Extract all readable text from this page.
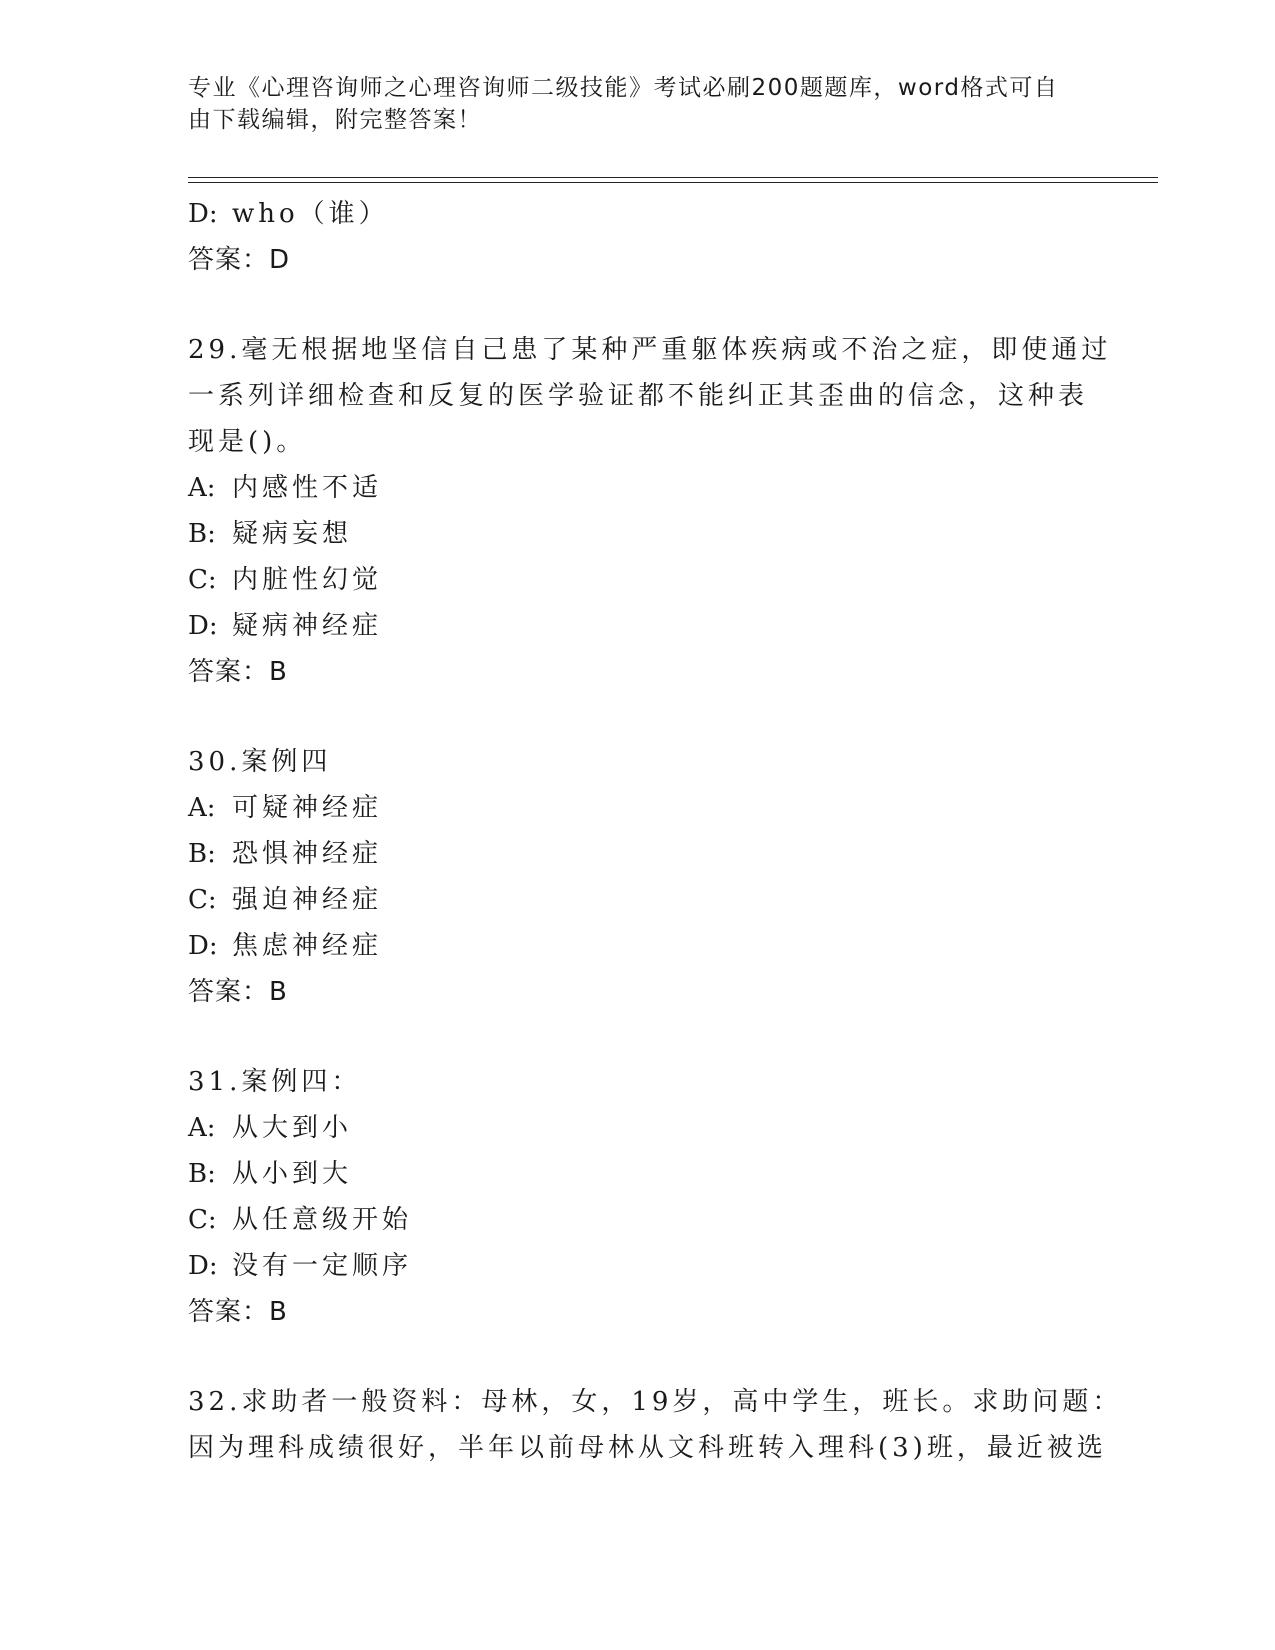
专业《心理咨询师之心理咨询师二级技能》考试必刷200题题库，word格式可自
由下载编辑，附完整答案！
D: who（谁）
答案：D
29.毫无根据地坚信自己患了某种严重躯体疾病或不治之症，即使通过
一系列详细检查和反复的医学验证都不能纠正其歪曲的信念，这种表
现是()。
A: 内感性不适
B: 疑病妄想
C: 内脏性幻觉
D: 疑病神经症
答案：B
30.案例四
A: 可疑神经症
B: 恐惧神经症
C: 强迫神经症
D: 焦虑神经症
答案：B
31.案例四：
A: 从大到小
B: 从小到大
C: 从任意级开始
D: 没有一定顺序
答案：B
32.求助者一般资料：母林，女，19岁，高中学生，班长。求助问题：
因为理科成绩很好，半年以前母林从文科班转入理科(3)班，最近被选
